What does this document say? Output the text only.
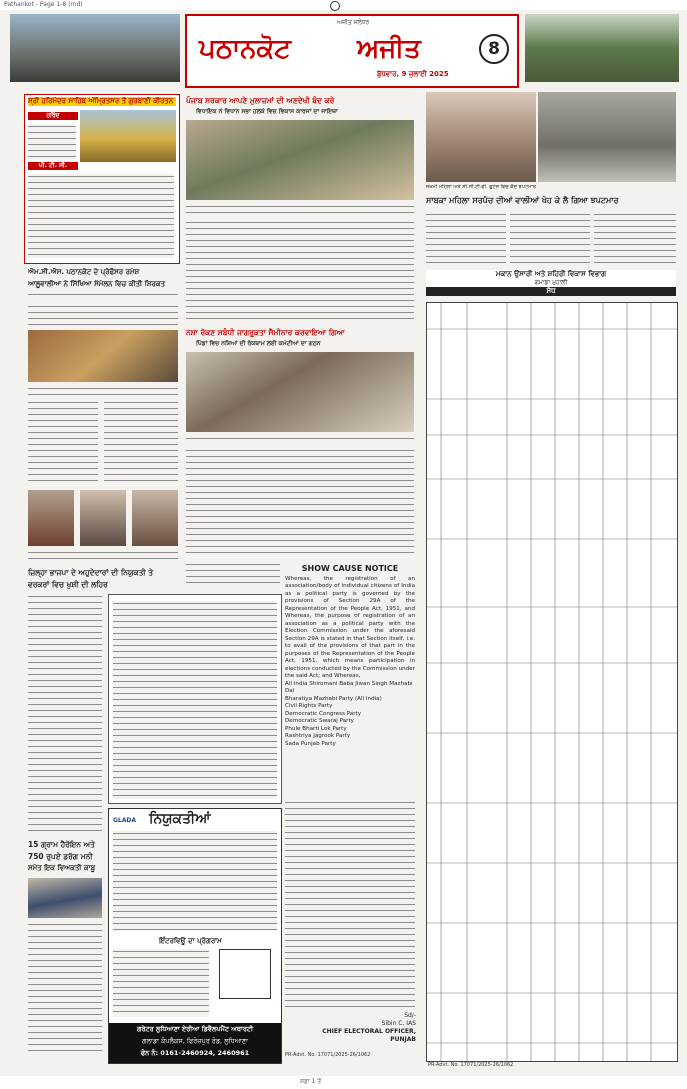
Pathankot - Page 1-8 (rnd)
ਅਜੀਤ ਜਲੰਧਰ
ਪਠਾਨਕੋਟ	ਅਜੀਤ
ਬੁੱਧਵਾਰ, 9 ਜੁਲਾਈ 2025
8
ਸ੍ਰੀ ਹਰਿਮੰਦਰ ਸਾਹਿਬ ਅੰਮ੍ਰਿਤਸਰ ਤੋਂ ਗੁਰਬਾਣੀ ਕੀਰਤਨ
ਹਰਿੰਦ
ਪੀ. ਟੀ. ਸੀ.
ਪੰਜਾਬ ਸਰਕਾਰ ਆਪਣੇ ਮੁਲਾਜ਼ਮਾਂ ਦੀ ਅਣਦੇਖੀ ਬੰਦ ਕਰੇ
ਵਿਧਾਇਕ ਨੇ ਵਿਧਾਨ ਸਭਾ ਹਲਕੇ ਵਿਚ ਵਿਕਾਸ ਕਾਰਜਾਂ ਦਾ ਜਾਇਜ਼ਾ
ਐਮ.ਸੀ.ਐਸ. ਪਠਾਨਕੋਟ ਦੇ ਪ੍ਰੋਫੈਸਰ ਰਮੇਸ਼
ਆਲੂਵਾਲੀਆ ਨੇ ਸਿੱਖਿਆ ਸੰਮੇਲਨ ਵਿਚ ਕੀਤੀ ਸ਼ਿਰਕਤ
ਨਸ਼ਾ ਰੋਕਣ ਸਬੰਧੀ ਜਾਗਰੂਕਤਾ ਸੈਮੀਨਾਰ ਕਰਵਾਇਆ ਗਿਆ
ਪਿੰਡਾਂ ਵਿਚ ਨਸ਼ਿਆਂ ਦੀ ਰੋਕਥਾਮ ਲਈ ਕਮੇਟੀਆਂ ਦਾ ਗਠਨ
ਜ਼ਿਲ੍ਹਾ ਭਾਜਪਾ ਦੇ ਅਹੁਦੇਦਾਰਾਂ ਦੀ ਨਿਯੁਕਤੀ ਤੇ
ਵਰਕਰਾਂ ਵਿਚ ਖੁਸ਼ੀ ਦੀ ਲਹਿਰ
SHOW CAUSE NOTICE
Whereas, the registration of an association/body of individual citizens of India as a political party is governed by the provisions of Section 29A of the Representation of the People Act, 1951, and Whereas, the purpose of registration of an association as a political party with the Election Commission under the aforesaid Section 29A is stated in that Section itself, i.e. to avail of the provisions of that part in the purposes of the Representation of the People Act, 1951, which means participation in elections conducted by the Commission under the said Act; and Whereas,
All India Shiromani Baba Jiwan Singh Mazhabi Dal
Bharatiya Mazhabi Party (All India)
Civil Rights Party
Democratic Congress Party
Democratic Swaraj Party
Phule Bharti Lok Party
Rashtriya Jagrook Party
Sada Punjab Party
Sd/-
Sibin C, IAS
CHIEF ELECTORAL OFFICER, PUNJAB
PR-Advt. No. 17071/2025-26/1062
GLADA ਨਿਯੁਕਤੀਆਂ
ਇੰਟਰਵਿਊ ਦਾ ਪ੍ਰੋਗਰਾਮ
ਗਰੇਟਰ ਲੁਧਿਆਣਾ ਏਰੀਆ ਡਿਵੈਲਪਮੈਂਟ ਅਥਾਰਟੀ
ਗਲਾਡਾ ਕੰਪਲੈਕਸ, ਫਿਰੋਜ਼ਪੁਰ ਰੋਡ, ਲੁਧਿਆਣਾ
ਫੋਨ ਨੰ: 0161-2460924, 2460961
15 ਗ੍ਰਾਮ ਹੈਰੋਇਨ ਅਤੇ
750 ਰੁਪਏ ਡਰੱਗ ਮਨੀ
ਸਮੇਤ ਇਕ ਵਿਅਕਤੀ ਕਾਬੂ
ਜ਼ਖ਼ਮੀ ਮਹਿਲਾ ਅਤੇ ਸੀ.ਸੀ.ਟੀ.ਵੀ. ਫੁਟੇਜ ਵਿਚ ਕੈਦ ਝਪਟਮਾਰ
ਸਾਬਕਾ ਮਹਿਲਾ ਸਰਪੰਚ ਦੀਆਂ ਵਾਲੀਆਂ ਖੋਹ ਕੇ ਲੈ ਗਿਆ ਝਪਟਮਾਰ
ਮਕਾਨ ਉਸਾਰੀ ਅਤੇ ਸ਼ਹਿਰੀ ਵਿਕਾਸ ਵਿਭਾਗ
ਗਮਾਡਾ ਮੁਹਾਲੀ
ਸੋਧ
PR-Advt. No. 17071/2025-26/1062
ਸਫ਼ਾ 1 ਤੋਂ
